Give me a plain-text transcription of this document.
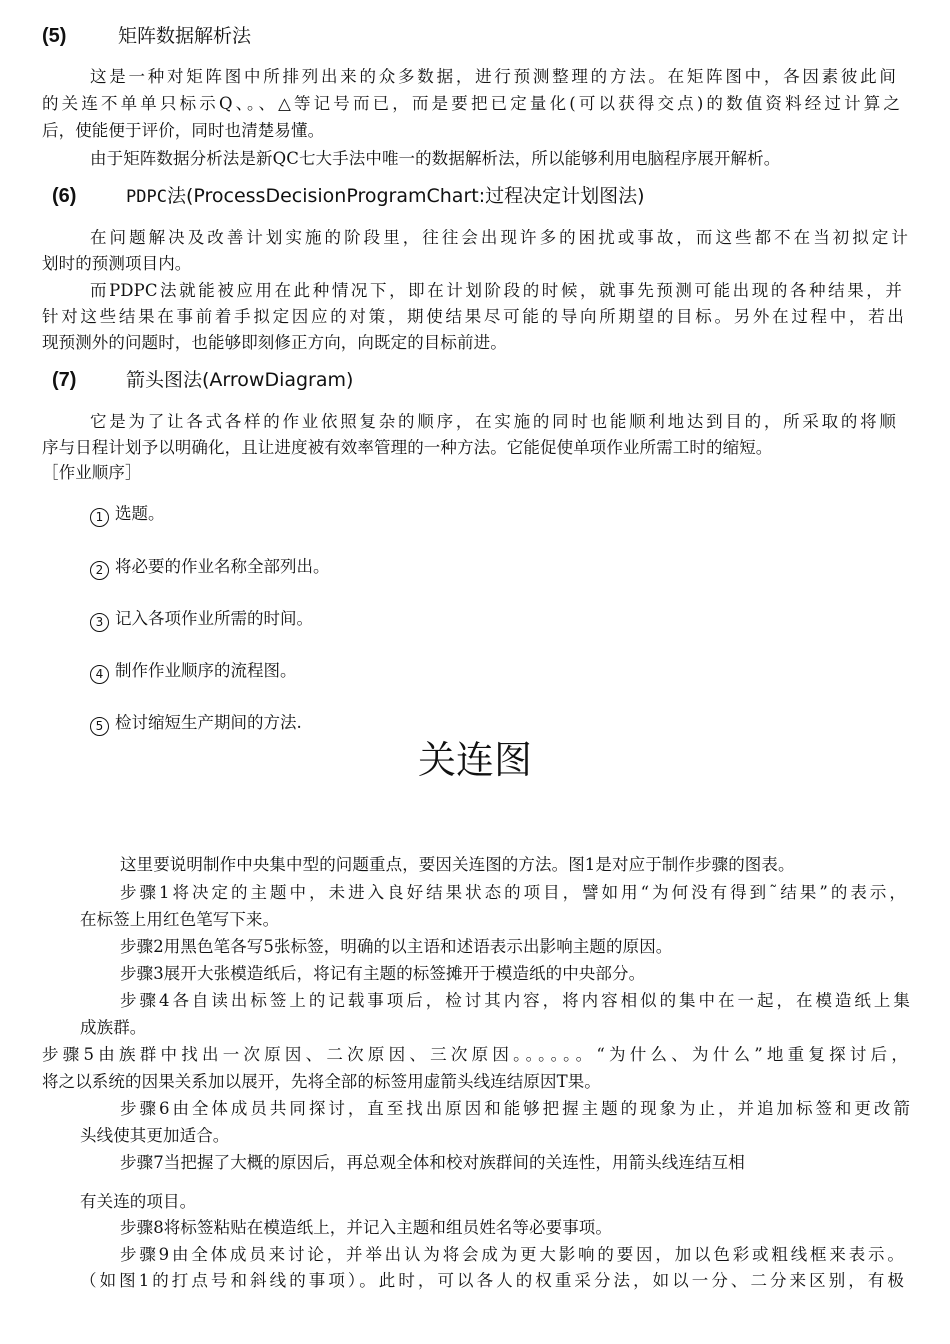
(5)	矩阵数据解析法
这是一种对矩阵图中所排列出来的众多数据，进行预测整理的方法。在矩阵图中，各因素彼此间
的关连不单单只标示Q、。、△等记号而已，而是要把已定量化(可以获得交点)的数值资料经过计算之
后，使能便于评价，同时也清楚易懂。
由于矩阵数据分析法是新QC七大手法中唯一的数据解析法，所以能够利用电脑程序展开解析。
(6)	PDPC法(ProcessDecisionProgramChart:过程决定计划图法)
在问题解决及改善计划实施的阶段里，往往会出现许多的困扰或事故，而这些都不在当初拟定计
划时的预测项目内。
而PDPC法就能被应用在此种情况下，即在计划阶段的时候，就事先预测可能出现的各种结果，并
针对这些结果在事前着手拟定因应的对策，期使结果尽可能的导向所期望的目标。另外在过程中，若出
现预测外的问题时，也能够即刻修正方向，向既定的目标前进。
(7)	箭头图法(ArrowDiagram)
它是为了让各式各样的作业依照复杂的顺序，在实施的同时也能顺利地达到目的，所采取的将顺
序与日程计划予以明确化，且让进度被有效率管理的一种方法。它能促使单项作业所需工时的缩短。
［作业顺序］
1 选题。
2 将必要的作业名称全部列出。
3 记入各项作业所需的时间。
4 制作作业顺序的流程图。
5 检讨缩短生产期间的方法.
关连图
这里要说明制作中央集中型的问题重点，要因关连图的方法。图1是对应于制作步骤的图表。
步骤1将决定的主题中，未进入良好结果状态的项目，譬如用“为何没有得到˜结果”的表示，
在标签上用红色笔写下来。
步骤2用黑色笔各写5张标签，明确的以主语和述语表示出影响主题的原因。
步骤3展开大张模造纸后，将记有主题的标签摊开于模造纸的中央部分。
步骤4各自读出标签上的记载事项后，检讨其内容，将内容相似的集中在一起，在模造纸上集
成族群。
步骤5由族群中找出一次原因、二次原因、三次原因。。。。。。“为什么、为什么”地重复探讨后，
将之以系统的因果关系加以展开，先将全部的标签用虚箭头线连结原因T果。
步骤6由全体成员共同探讨，直至找出原因和能够把握主题的现象为止，并追加标签和更改箭
头线使其更加适合。
步骤7当把握了大概的原因后，再总观全体和校对族群间的关连性，用箭头线连结互相
有关连的项目。
步骤8将标签粘贴在模造纸上，并记入主题和组员姓名等必要事项。
步骤9由全体成员来讨论，并举出认为将会成为更大影响的要因，加以色彩或粗线框来表示。
（如图1的打点号和斜线的事项）。此时，可以各人的权重采分法，如以一分、二分来区别，有极
